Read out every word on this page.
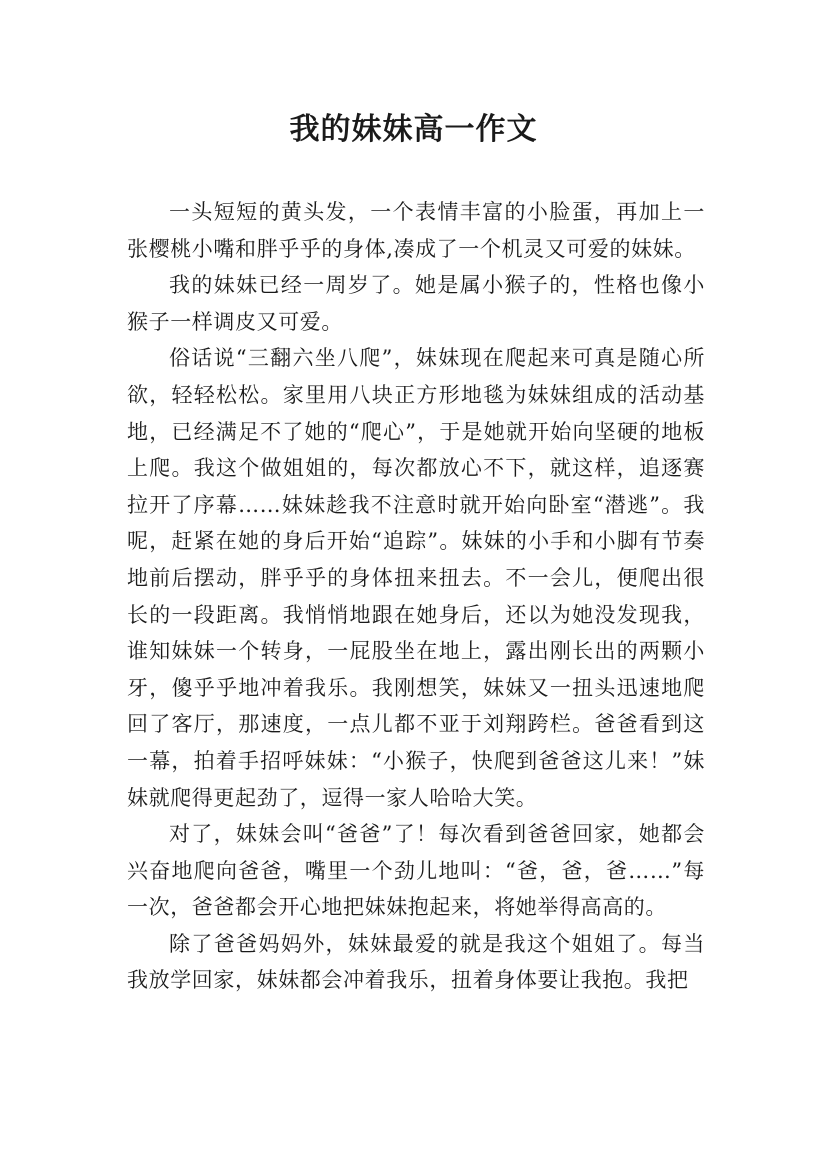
我的妹妹高一作文

一头短短的黄头发，一个表情丰富的小脸蛋，再加上一张樱桃小嘴和胖乎乎的身体,凑成了一个机灵又可爱的妹妹。

我的妹妹已经一周岁了。她是属小猴子的，性格也像小猴子一样调皮又可爱。

俗话说“三翻六坐八爬”，妹妹现在爬起来可真是随心所欲，轻轻松松。家里用八块正方形地毯为妹妹组成的活动基地，已经满足不了她的“爬心”，于是她就开始向坚硬的地板上爬。我这个做姐姐的，每次都放心不下，就这样，追逐赛拉开了序幕……妹妹趁我不注意时就开始向卧室“潜逃”。我呢，赶紧在她的身后开始“追踪”。妹妹的小手和小脚有节奏地前后摆动，胖乎乎的身体扭来扭去。不一会儿，便爬出很长的一段距离。我悄悄地跟在她身后，还以为她没发现我，谁知妹妹一个转身，一屁股坐在地上，露出刚长出的两颗小牙，傻乎乎地冲着我乐。我刚想笑，妹妹又一扭头迅速地爬回了客厅，那速度，一点儿都不亚于刘翔跨栏。爸爸看到这一幕，拍着手招呼妹妹：“小猴子，快爬到爸爸这儿来！”妹妹就爬得更起劲了，逗得一家人哈哈大笑。

对了，妹妹会叫“爸爸”了！每次看到爸爸回家，她都会兴奋地爬向爸爸，嘴里一个劲儿地叫：“爸，爸，爸……”每一次，爸爸都会开心地把妹妹抱起来，将她举得高高的。

除了爸爸妈妈外，妹妹最爱的就是我这个姐姐了。每当我放学回家，妹妹都会冲着我乐，扭着身体要让我抱。我把
